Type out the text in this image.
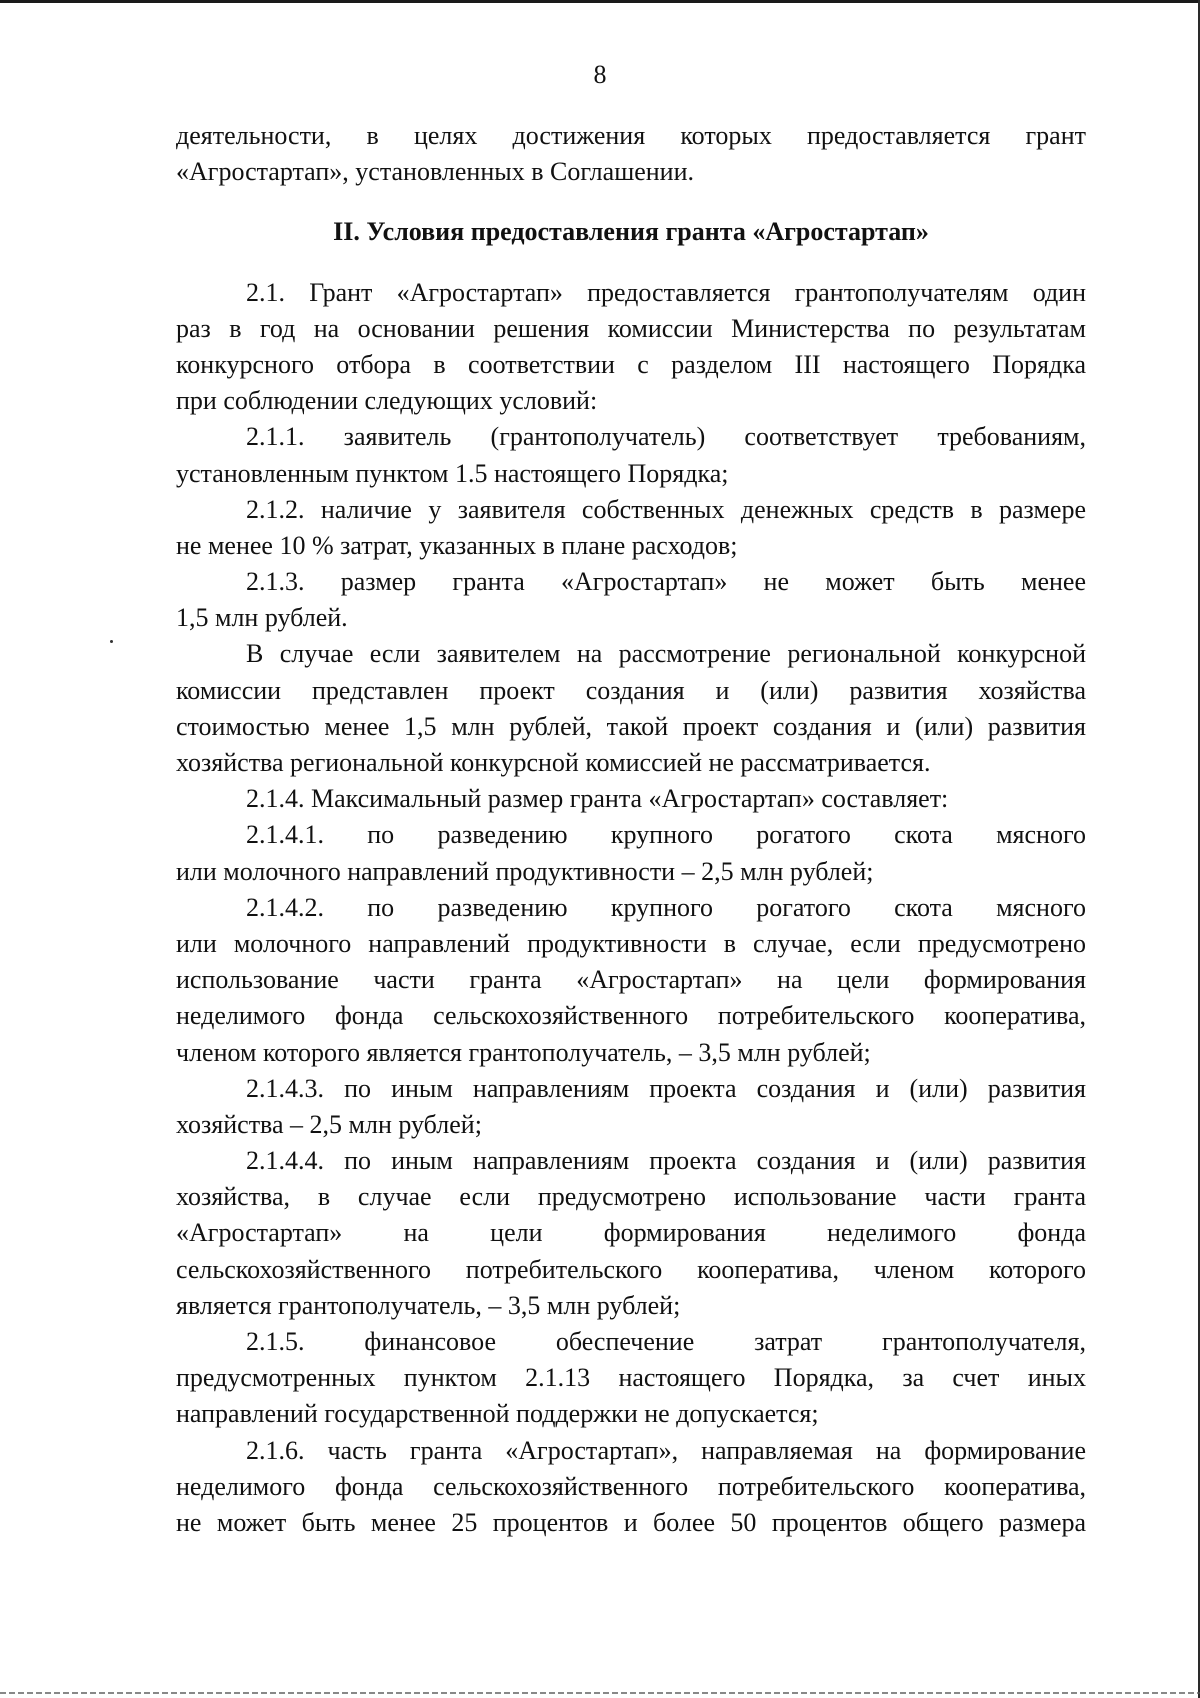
8
деятельности, в целях достижения которых предоставляется грант
«Агростартап», установленных в Соглашении.
II. Условия предоставления гранта «Агростартап»
2.1. Грант «Агростартап» предоставляется грантополучателям один
раз в год на основании решения комиссии Министерства по результатам
конкурсного отбора в соответствии с разделом III настоящего Порядка
при соблюдении следующих условий:
2.1.1. заявитель (грантополучатель) соответствует требованиям,
установленным пунктом 1.5 настоящего Порядка;
2.1.2. наличие у заявителя собственных денежных средств в размере
не менее 10 % затрат, указанных в плане расходов;
2.1.3. размер гранта «Агростартап» не может быть менее
1,5 млн рублей.
В случае если заявителем на рассмотрение региональной конкурсной
комиссии представлен проект создания и (или) развития хозяйства
стоимостью менее 1,5 млн рублей, такой проект создания и (или) развития
хозяйства региональной конкурсной комиссией не рассматривается.
2.1.4. Максимальный размер гранта «Агростартап» составляет:
2.1.4.1. по разведению крупного рогатого скота мясного
или молочного направлений продуктивности – 2,5 млн рублей;
2.1.4.2. по разведению крупного рогатого скота мясного
или молочного направлений продуктивности в случае, если предусмотрено
использование части гранта «Агростартап» на цели формирования
неделимого фонда сельскохозяйственного потребительского кооператива,
членом которого является грантополучатель, – 3,5 млн рублей;
2.1.4.3. по иным направлениям проекта создания и (или) развития
хозяйства – 2,5 млн рублей;
2.1.4.4. по иным направлениям проекта создания и (или) развития
хозяйства, в случае если предусмотрено использование части гранта
«Агростартап» на цели формирования неделимого фонда
сельскохозяйственного потребительского кооператива, членом которого
является грантополучатель, – 3,5 млн рублей;
2.1.5. финансовое обеспечение затрат грантополучателя,
предусмотренных пунктом 2.1.13 настоящего Порядка, за счет иных
направлений государственной поддержки не допускается;
2.1.6. часть гранта «Агростартап», направляемая на формирование
неделимого фонда сельскохозяйственного потребительского кооператива,
не может быть менее 25 процентов и более 50 процентов общего размера
